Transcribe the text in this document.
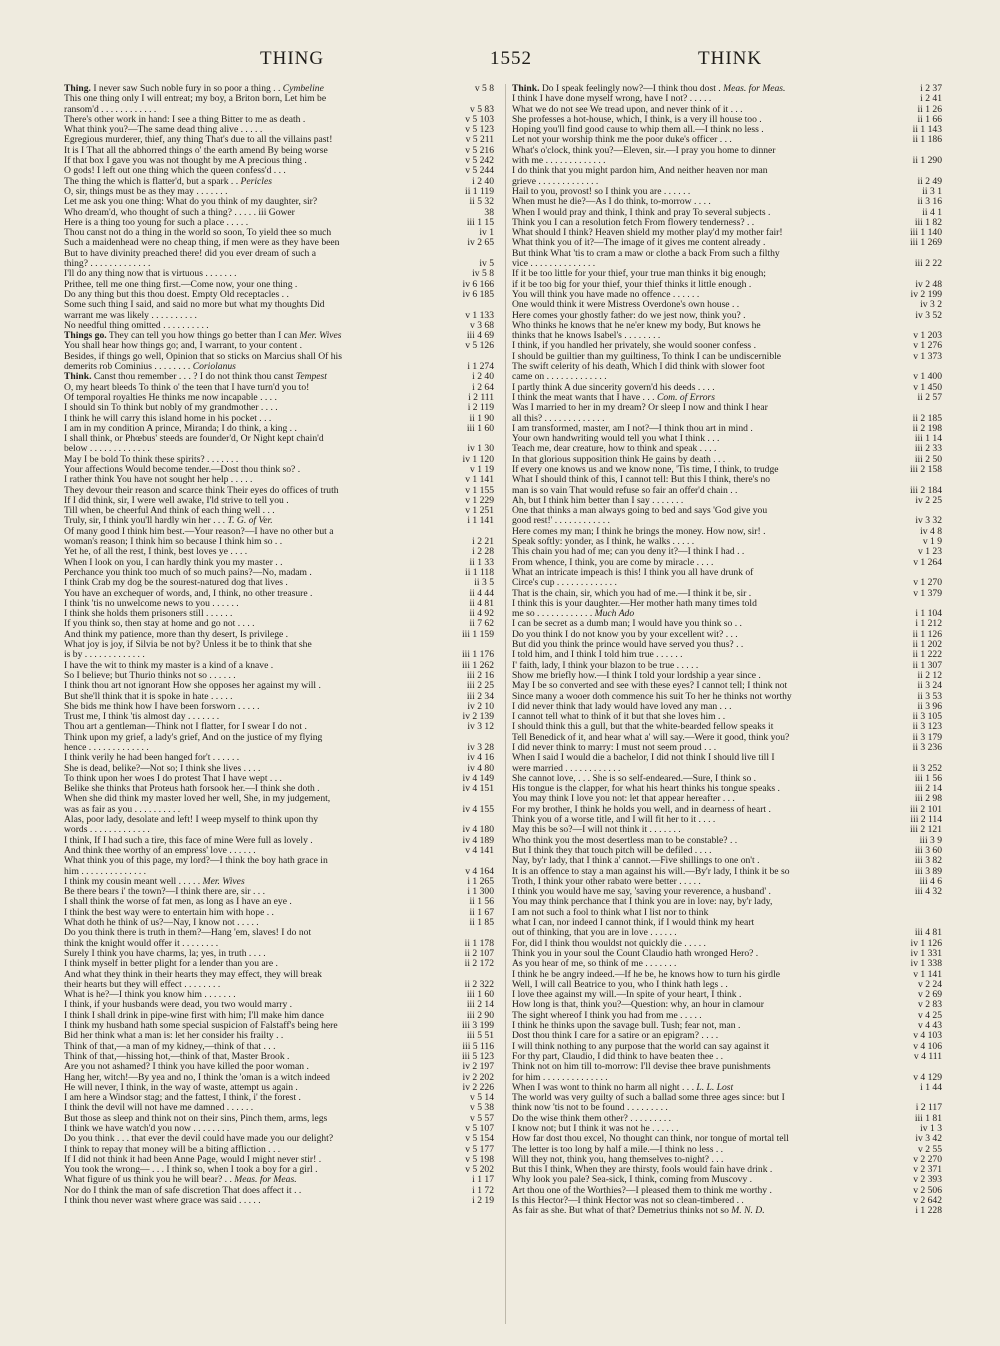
THING	1552	THINK
Thing. I never saw Such noble fury in so poor a thing . . Cymbeline	v 5 8
This one thing only I will entreat; my boy, a Briton born, Let him be
ransom'd . . . . . . . . . . . .	v 5 83
There's other work in hand: I see a thing Bitter to me as death .	v 5 103
What think you?—The same dead thing alive . . . . .	v 5 123
Egregious murderer, thief, any thing That's due to all the villains past!	v 5 211
It is I That all the abhorred things o' the earth amend By being worse	v 5 216
If that box I gave you was not thought by me A precious thing .	v 5 242
O gods! I left out one thing which the queen confess'd . . .	v 5 244
The thing the which is flatter'd, but a spark . . Pericles	i 2 40
O, sir, things must be as they may . . . . . . .	ii 1 119
Let me ask you one thing: What do you think of my daughter, sir?	ii 5 32
Who dream'd, who thought of such a thing? . . . . . iii Gower	38
Here is a thing too young for such a place . . . . .	iii 1 15
Thou canst not do a thing in the world so soon, To yield thee so much	iv 1
Such a maidenhead were no cheap thing, if men were as they have been	iv 2 65
But to have divinity preached there! did you ever dream of such a
thing? . . . . . . . . . . . . .	iv 5
I'll do any thing now that is virtuous . . . . . . .	iv 5 8
Prithee, tell me one thing first.—Come now, your one thing .	iv 6 166
Do any thing but this thou doest. Empty Old receptacles . .	iv 6 185
Some such thing I said, and said no more but what my thoughts Did
warrant me was likely . . . . . . . . . .	v 1 133
No needful thing omitted . . . . . . . . . .	v 3 68
Things go. They can tell you how things go better than I can Mer. Wives	iii 4 69
You shall hear how things go; and, I warrant, to your content .	v 5 126
Besides, if things go well, Opinion that so sticks on Marcius shall Of his
demerits rob Cominius . . . . . . . . Coriolanus	i 1 274
Think. Canst thou remember . . . ? I do not think thou canst Tempest	i 2 40
O, my heart bleeds To think o' the teen that I have turn'd you to!	i 2 64
Of temporal royalties He thinks me now incapable . . . .	i 2 111
I should sin To think but nobly of my grandmother . . . .	i 2 119
I think he will carry this island home in his pocket . . .	ii 1 90
I am in my condition A prince, Miranda; I do think, a king . .	iii 1 60
I shall think, or Phœbus' steeds are founder'd, Or Night kept chain'd
below . . . . . . . . . . . . .	iv 1 30
May I be bold To think these spirits? . . . . . . .	iv 1 120
Your affections Would become tender.—Dost thou think so? .	v 1 19
I rather think You have not sought her help . . . . .	v 1 141
They devour their reason and scarce think Their eyes do offices of truth	v 1 155
If I did think, sir, I were well awake, I'ld strive to tell you .	v 1 229
Till when, be cheerful And think of each thing well . . .	v 1 251
Truly, sir, I think you'll hardly win her . . . T. G. of Ver.	i 1 141
Of many good I think him best.—Your reason?—I have no other but a
woman's reason; I think him so because I think him so . .	i 2 21
Yet he, of all the rest, I think, best loves ye . . . .	i 2 28
When I look on you, I can hardly think you my master . .	ii 1 33
Perchance you think too much of so much pains?—No, madam .	ii 1 118
I think Crab my dog be the sourest-natured dog that lives .	ii 3 5
You have an exchequer of words, and, I think, no other treasure .	ii 4 44
I think 'tis no unwelcome news to you . . . . . .	ii 4 81
I think she holds them prisoners still . . . . . .	ii 4 92
If you think so, then stay at home and go not . . . .	ii 7 62
And think my patience, more than thy desert, Is privilege .	iii 1 159
What joy is joy, if Silvia be not by? Unless it be to think that she
is by . . . . . . . . . . . . .	iii 1 176
I have the wit to think my master is a kind of a knave .	iii 1 262
So I believe; but Thurio thinks not so . . . . . .	iii 2 16
I think thou art not ignorant How she opposes her against my will .	iii 2 25
But she'll think that it is spoke in hate . . . . .	iii 2 34
She bids me think how I have been forsworn . . . . .	iv 2 10
Trust me, I think 'tis almost day . . . . . . .	iv 2 139
Thou art a gentleman—Think not I flatter, for I swear I do not .	iv 3 12
Think upon my grief, a lady's grief, And on the justice of my flying
hence . . . . . . . . . . . . .	iv 3 28
I think verily he had been hanged for't . . . . . .	iv 4 16
She is dead, belike?—Not so; I think she lives . . . .	iv 4 80
To think upon her woes I do protest That I have wept . . .	iv 4 149
Belike she thinks that Proteus hath forsook her.—I think she doth .	iv 4 151
When she did think my master loved her well, She, in my judgement,
was as fair as you . . . . . . . . . .	iv 4 155
Alas, poor lady, desolate and left! I weep myself to think upon thy
words . . . . . . . . . . . . .	iv 4 180
I think, If I had such a tire, this face of mine Were full as lovely .	iv 4 189
And think thee worthy of an empress' love . . . . . .	v 4 141
What think you of this page, my lord?—I think the boy hath grace in
him . . . . . . . . . . . . . .	v 4 164
I think my cousin meant well . . . . . Mer. Wives	i 1 265
Be there bears i' the town?—I think there are, sir . . .	i 1 300
I shall think the worse of fat men, as long as I have an eye .	ii 1 56
I think the best way were to entertain him with hope . .	ii 1 67
What doth he think of us?—Nay, I know not . . . . .	ii 1 85
Do you think there is truth in them?—Hang 'em, slaves! I do not
think the knight would offer it . . . . . . . .	ii 1 178
Surely I think you have charms, la; yes, in truth . . . .	ii 2 107
I think myself in better plight for a lender than you are .	ii 2 172
And what they think in their hearts they may effect, they will break
their hearts but they will effect . . . . . . . .	ii 2 322
What is he?—I think you know him . . . . . . .	iii 1 60
I think, if your husbands were dead, you two would marry .	iii 2 14
I think I shall drink in pipe-wine first with him; I'll make him dance	iii 2 90
I think my husband hath some special suspicion of Falstaff's being here	iii 3 199
Bid her think what a man is: let her consider his frailty . .	iii 5 51
Think of that,—a man of my kidney,—think of that . . .	iii 5 116
Think of that,—hissing hot,—think of that, Master Brook .	iii 5 123
Are you not ashamed? I think you have killed the poor woman .	iv 2 197
Hang her, witch!—By yea and no, I think the 'oman is a witch indeed	iv 2 202
He will never, I think, in the way of waste, attempt us again .	iv 2 226
I am here a Windsor stag; and the fattest, I think, i' the forest .	v 5 14
I think the devil will not have me damned . . . . . .	v 5 38
But those as sleep and think not on their sins, Pinch them, arms, legs	v 5 57
I think we have watch'd you now . . . . . . . .	v 5 107
Do you think . . . that ever the devil could have made you our delight?	v 5 154
I think to repay that money will be a biting affliction . . .	v 5 177
If I did not think it had been Anne Page, would I might never stir! .	v 5 198
You took the wrong— . . . I think so, when I took a boy for a girl .	v 5 202
What figure of us think you he will bear? . . Meas. for Meas.	i 1 17
Nor do I think the man of safe discretion That does affect it . .	i 1 72
I think thou never wast where grace was said . . . . .	i 2 19
Think. Do I speak feelingly now?—I think thou dost . Meas. for Meas.	i 2 37
I think I have done myself wrong, have I not? . . . . .	i 2 41
What we do not see We tread upon, and never think of it . . .	ii 1 26
She professes a hot-house, which, I think, is a very ill house too .	ii 1 66
Hoping you'll find good cause to whip them all.—I think no less .	ii 1 143
Let not your worship think me the poor duke's officer . . .	ii 1 186
What's o'clock, think you?—Eleven, sir.—I pray you home to dinner
with me . . . . . . . . . . . . .	ii 1 290
I do think that you might pardon him, And neither heaven nor man
grieve . . . . . . . . . . . . .	ii 2 49
Hail to you, provost! so I think you are . . . . . .	ii 3 1
When must he die?—As I do think, to-morrow . . . .	ii 3 16
When I would pray and think, I think and pray To several subjects .	ii 4 1
Think you I can a resolution fetch From flowery tenderness? . .	iii 1 82
What should I think? Heaven shield my mother play'd my mother fair!	iii 1 140
What think you of it?—The image of it gives me content already .	iii 1 269
But think What 'tis to cram a maw or clothe a back From such a filthy
vice . . . . . . . . . . . . . .	iii 2 22
If it be too little for your thief, your true man thinks it big enough;
if it be too big for your thief, your thief thinks it little enough .	iv 2 48
You will think you have made no offence . . . . . .	iv 2 199
One would think it were Mistress Overdone's own house . .	iv 3 2
Here comes your ghostly father: do we jest now, think you? .	iv 3 52
Who thinks he knows that he ne'er knew my body, But knows he
thinks that he knows Isabel's . . . . . . . .	v 1 203
I think, if you handled her privately, she would sooner confess .	v 1 276
I should be guiltier than my guiltiness, To think I can be undiscernible	v 1 373
The swift celerity of his death, Which I did think with slower foot
came on . . . . . . . . . . . . .	v 1 400
I partly think A due sincerity govern'd his deeds . . . .	v 1 450
I think the meat wants that I have . . . Com. of Errors	ii 2 57
Was I married to her in my dream? Or sleep I now and think I hear
all this? . . . . . . . . . . . . .	ii 2 185
I am transformed, master, am I not?—I think thou art in mind .	ii 2 198
Your own handwriting would tell you what I think . . .	iii 1 14
Teach me, dear creature, how to think and speak . . . .	iii 2 33
In that glorious supposition think He gains by death . . .	iii 2 50
If every one knows us and we know none, 'Tis time, I think, to trudge	iii 2 158
What I should think of this, I cannot tell: But this I think, there's no
man is so vain That would refuse so fair an offer'd chain . .	iii 2 184
Ah, but I think him better than I say . . . . . . .	iv 2 25
One that thinks a man always going to bed and says 'God give you
good rest!' . . . . . . . . . . . .	iv 3 32
Here comes my man; I think he brings the money. How now, sir! .	iv 4 8
Speak softly: yonder, as I think, he walks . . . . .	v 1 9
This chain you had of me; can you deny it?—I think I had . .	v 1 23
From whence, I think, you are come by miracle . . . .	v 1 264
What an intricate impeach is this! I think you all have drunk of
Circe's cup . . . . . . . . . . . . .	v 1 270
That is the chain, sir, which you had of me.—I think it be, sir .	v 1 379
I think this is your daughter.—Her mother hath many times told
me so . . . . . . . . . . . . Much Ado	i 1 104
I can be secret as a dumb man; I would have you think so . .	i 1 212
Do you think I do not know you by your excellent wit? . . .	ii 1 126
But did you think the prince would have served you thus? . .	ii 1 202
I told him, and I think I told him true . . . . . .	ii 1 222
I' faith, lady, I think your blazon to be true . . . . .	ii 1 307
Show me briefly how.—I think I told your lordship a year since .	ii 2 12
May I be so converted and see with these eyes? I cannot tell; I think not	ii 3 24
Since many a wooer doth commence his suit To her he thinks not worthy	ii 3 53
I did never think that lady would have loved any man . . .	ii 3 96
I cannot tell what to think of it but that she loves him . .	ii 3 105
I should think this a gull, but that the white-bearded fellow speaks it	ii 3 123
Tell Benedick of it, and hear what a' will say.—Were it good, think you?	ii 3 179
I did never think to marry: I must not seem proud . . .	ii 3 236
When I said I would die a bachelor, I did not think I should live till I
were married . . . . . . . . . . . .	ii 3 252
She cannot love, . . . She is so self-endeared.—Sure, I think so .	iii 1 56
His tongue is the clapper, for what his heart thinks his tongue speaks .	iii 2 14
You may think I love you not: let that appear hereafter . . .	iii 2 98
For my brother, I think he holds you well, and in dearness of heart .	iii 2 101
Think you of a worse title, and I will fit her to it . . . .	iii 2 114
May this be so?—I will not think it . . . . . . .	iii 2 121
Who think you the most desertless man to be constable? . .	iii 3 9
But I think they that touch pitch will be defiled . . . .	iii 3 60
Nay, by'r lady, that I think a' cannot.—Five shillings to one on't .	iii 3 82
It is an offence to stay a man against his will.—By'r lady, I think it be so	iii 3 89
Troth, I think your other rabato were better . . . . .	iii 4 6
I think you would have me say, 'saving your reverence, a husband' .	iii 4 32
You may think perchance that I think you are in love: nay, by'r lady,
I am not such a fool to think what I list nor to think
what I can, nor indeed I cannot think, if I would think my heart
out of thinking, that you are in love . . . . . .	iii 4 81
For, did I think thou wouldst not quickly die . . . . .	iv 1 126
Think you in your soul the Count Claudio hath wronged Hero? .	iv 1 331
As you hear of me, so think of me . . . . . . .	iv 1 338
I think he be angry indeed.—If he be, he knows how to turn his girdle	v 1 141
Well, I will call Beatrice to you, who I think hath legs . .	v 2 24
I love thee against my will.—In spite of your heart, I think .	v 2 69
How long is that, think you?—Question: why, an hour in clamour	v 2 83
The sight whereof I think you had from me . . . . .	v 4 25
I think he thinks upon the savage bull. Tush; fear not, man .	v 4 43
Dost thou think I care for a satire or an epigram? . . . .	v 4 103
I will think nothing to any purpose that the world can say against it	v 4 106
For thy part, Claudio, I did think to have beaten thee . .	v 4 111
Think not on him till to-morrow: I'll devise thee brave punishments
for him . . . . . . . . . . . . . .	v 4 129
When I was wont to think no harm all night . . . L. L. Lost	i 1 44
The world was very guilty of such a ballad some three ages since: but I
think now 'tis not to be found . . . . . . . . .	i 2 117
Do the wise think them other? . . . . . . . . .	iii 1 81
I know not; but I think it was not he . . . . . .	iv 1 3
How far dost thou excel, No thought can think, nor tongue of mortal tell	iv 3 42
The letter is too long by half a mile.—I think no less . .	v 2 55
Will they not, think you, hang themselves to-night? . . .	v 2 270
But this I think, When they are thirsty, fools would fain have drink .	v 2 371
Why look you pale? Sea-sick, I think, coming from Muscovy .	v 2 393
Art thou one of the Worthies?—I pleased them to think me worthy .	v 2 506
Is this Hector?—I think Hector was not so clean-timbered . .	v 2 642
As fair as she. But what of that? Demetrius thinks not so M. N. D.	i 1 228
